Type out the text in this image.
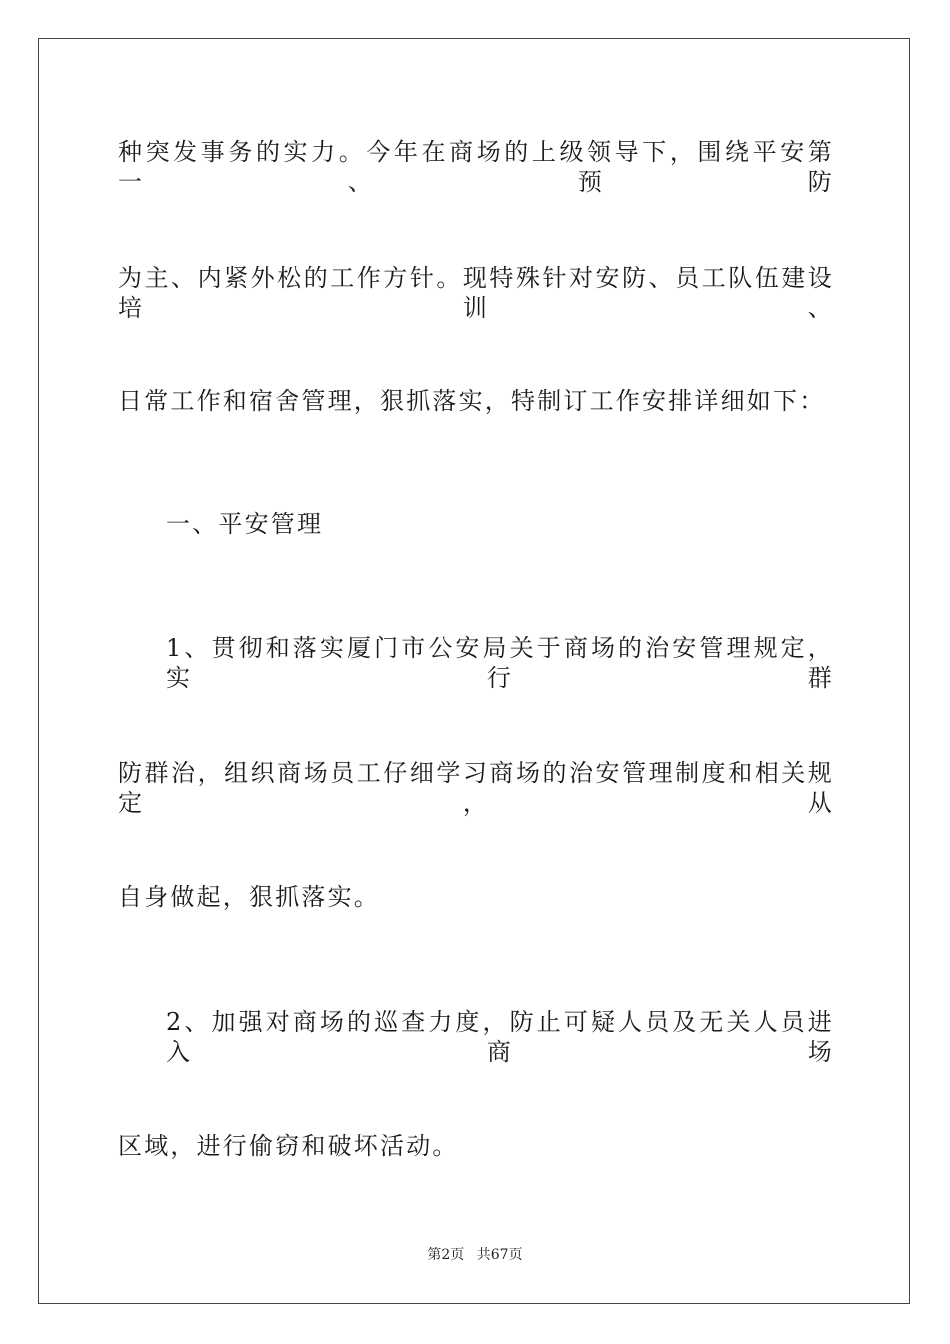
种突发事务的实力。今年在商场的上级领导下，围绕平安第一、预防
为主、内紧外松的工作方针。现特殊针对安防、员工队伍建设培训、
日常工作和宿舍管理，狠抓落实，特制订工作安排详细如下：
一、平安管理
1、贯彻和落实厦门市公安局关于商场的治安管理规定，实行群
防群治，组织商场员工仔细学习商场的治安管理制度和相关规定，从
自身做起，狠抓落实。
2、加强对商场的巡查力度，防止可疑人员及无关人员进入商场
区域，进行偷窃和破坏活动。
第2页 共67页
